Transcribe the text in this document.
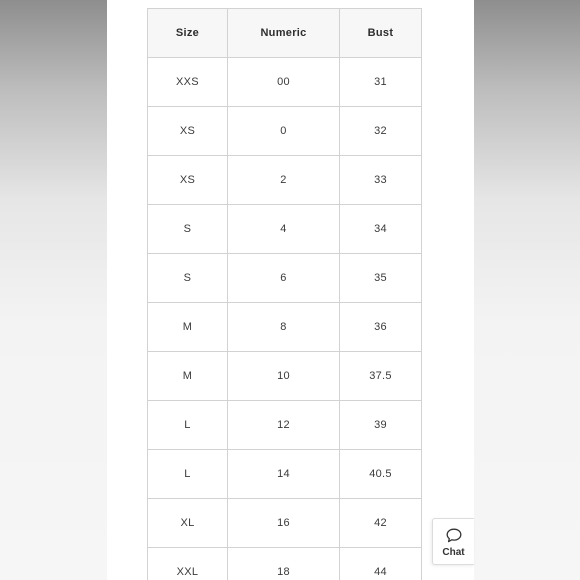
Size	Numeric	Bust
XXS	00	31
XS	0	32
XS	2	33
S	4	34
S	6	35
M	8	36
M	10	37.5
L	12	39
L	14	40.5
XL	16	42
XXL	18	44
Chat
